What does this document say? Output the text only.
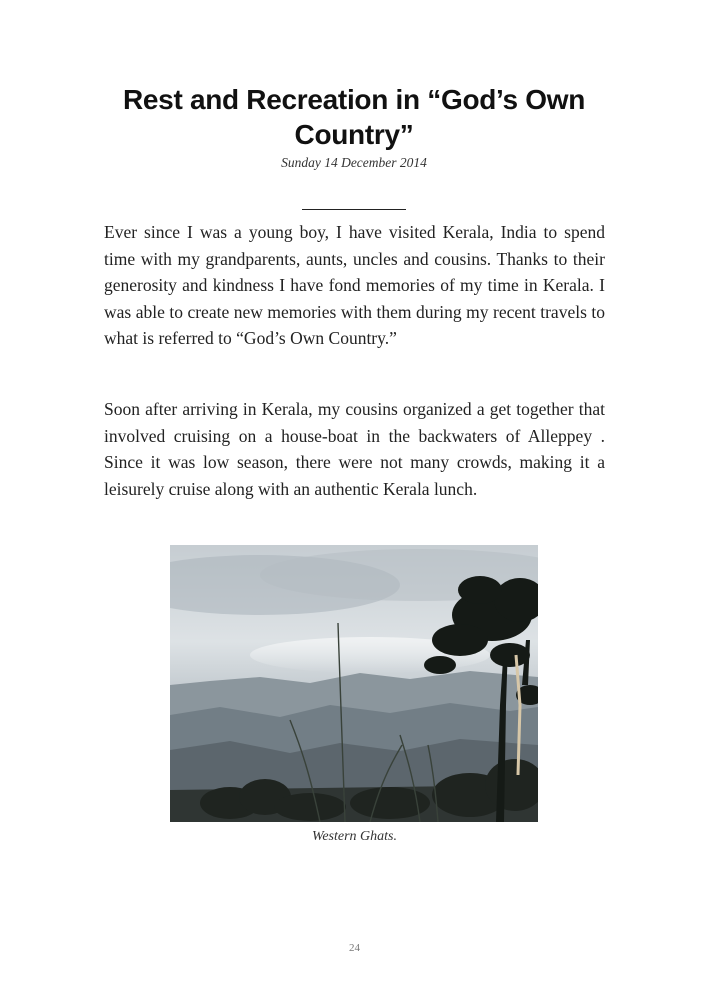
Rest and Recreation in “God’s Own Country”
Sunday 14 December 2014

Ever since I was a young boy, I have visited Kerala, India to spend time with my grandparents, aunts, uncles and cousins. Thanks to their generosity and kindness I have fond memories of my time in Kerala. I was able to create new memories with them during my recent travels to what is referred to “God’s Own Country.”

Soon after arriving in Kerala, my cousins organized a get together that involved cruising on a house-boat in the backwaters of Alleppey . Since it was low season, there were not many crowds, making it a leisurely cruise along with an authentic Kerala lunch.

Western Ghats.
24
